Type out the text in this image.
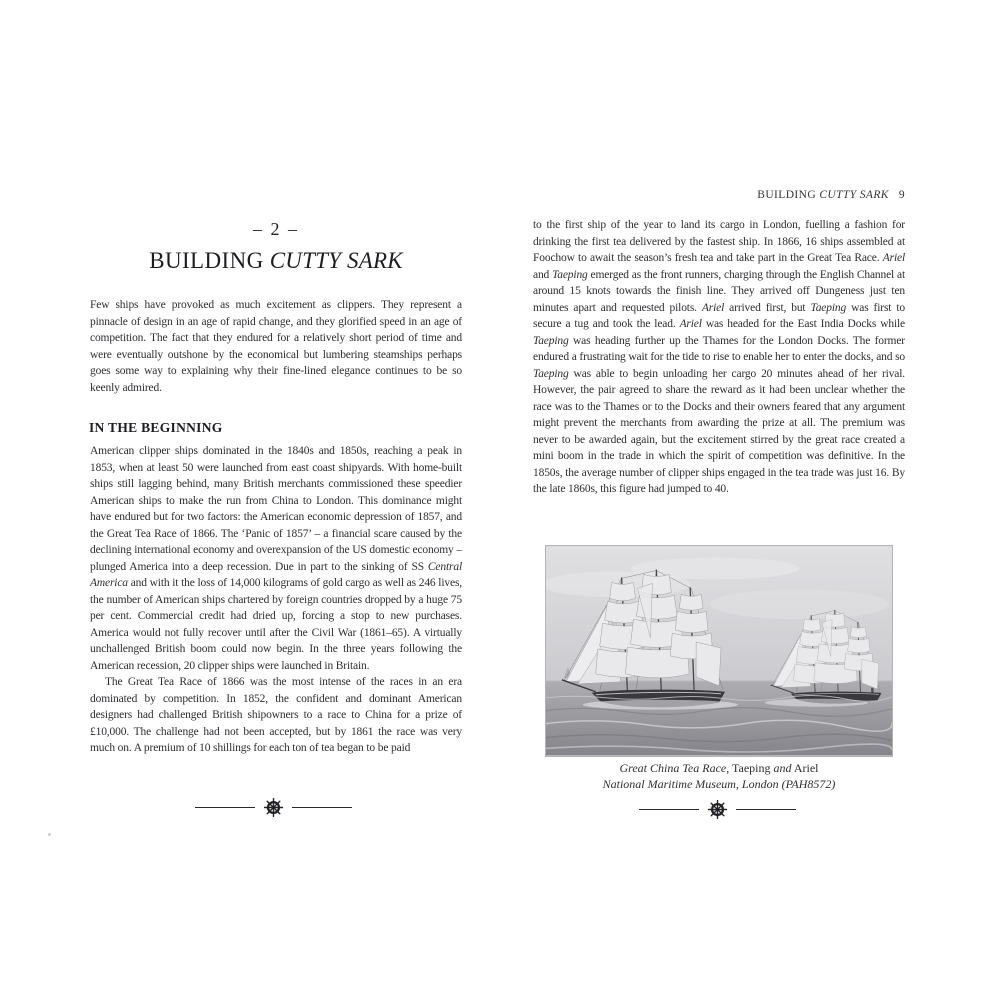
– 2 –
BUILDING CUTTY SARK

Few ships have provoked as much excitement as clippers. They represent a pinnacle of design in an age of rapid change, and they glorified speed in an age of competition. The fact that they endured for a relatively short period of time and were eventually outshone by the economical but lumbering steamships perhaps goes some way to explaining why their fine-lined elegance continues to be so keenly admired.

IN THE BEGINNING

American clipper ships dominated in the 1840s and 1850s, reaching a peak in 1853, when at least 50 were launched from east coast shipyards. With home-built ships still lagging behind, many British merchants commissioned these speedier American ships to make the run from China to London. This dominance might have endured but for two factors: the American economic depression of 1857, and the Great Tea Race of 1866. The ‘Panic of 1857’ – a financial scare caused by the declining international economy and overexpansion of the US domestic economy – plunged America into a deep recession. Due in part to the sinking of SS Central America and with it the loss of 14,000 kilograms of gold cargo as well as 246 lives, the number of American ships chartered by foreign countries dropped by a huge 75 per cent. Commercial credit had dried up, forcing a stop to new purchases. America would not fully recover until after the Civil War (1861–65). A virtually unchallenged British boom could now begin. In the three years following the American recession, 20 clipper ships were launched in Britain.

The Great Tea Race of 1866 was the most intense of the races in an era dominated by competition. In 1852, the confident and dominant American designers had challenged British shipowners to a race to China for a prize of £10,000. The challenge had not been accepted, but by 1861 the race was very much on. A premium of 10 shillings for each ton of tea began to be paid

BUILDING CUTTY SARK 9

to the first ship of the year to land its cargo in London, fuelling a fashion for drinking the first tea delivered by the fastest ship. In 1866, 16 ships assembled at Foochow to await the season’s fresh tea and take part in the Great Tea Race. Ariel and Taeping emerged as the front runners, charging through the English Channel at around 15 knots towards the finish line. They arrived off Dungeness just ten minutes apart and requested pilots. Ariel arrived first, but Taeping was first to secure a tug and took the lead. Ariel was headed for the East India Docks while Taeping was heading further up the Thames for the London Docks. The former endured a frustrating wait for the tide to rise to enable her to enter the docks, and so Taeping was able to begin unloading her cargo 20 minutes ahead of her rival. However, the pair agreed to share the reward as it had been unclear whether the race was to the Thames or to the Docks and their owners feared that any argument might prevent the merchants from awarding the prize at all. The premium was never to be awarded again, but the excitement stirred by the great race created a mini boom in the trade in which the spirit of competition was definitive. In the 1850s, the average number of clipper ships engaged in the tea trade was just 16. By the late 1860s, this figure had jumped to 40.

Great China Tea Race, Taeping and Ariel
National Maritime Museum, London (PAH8572)
